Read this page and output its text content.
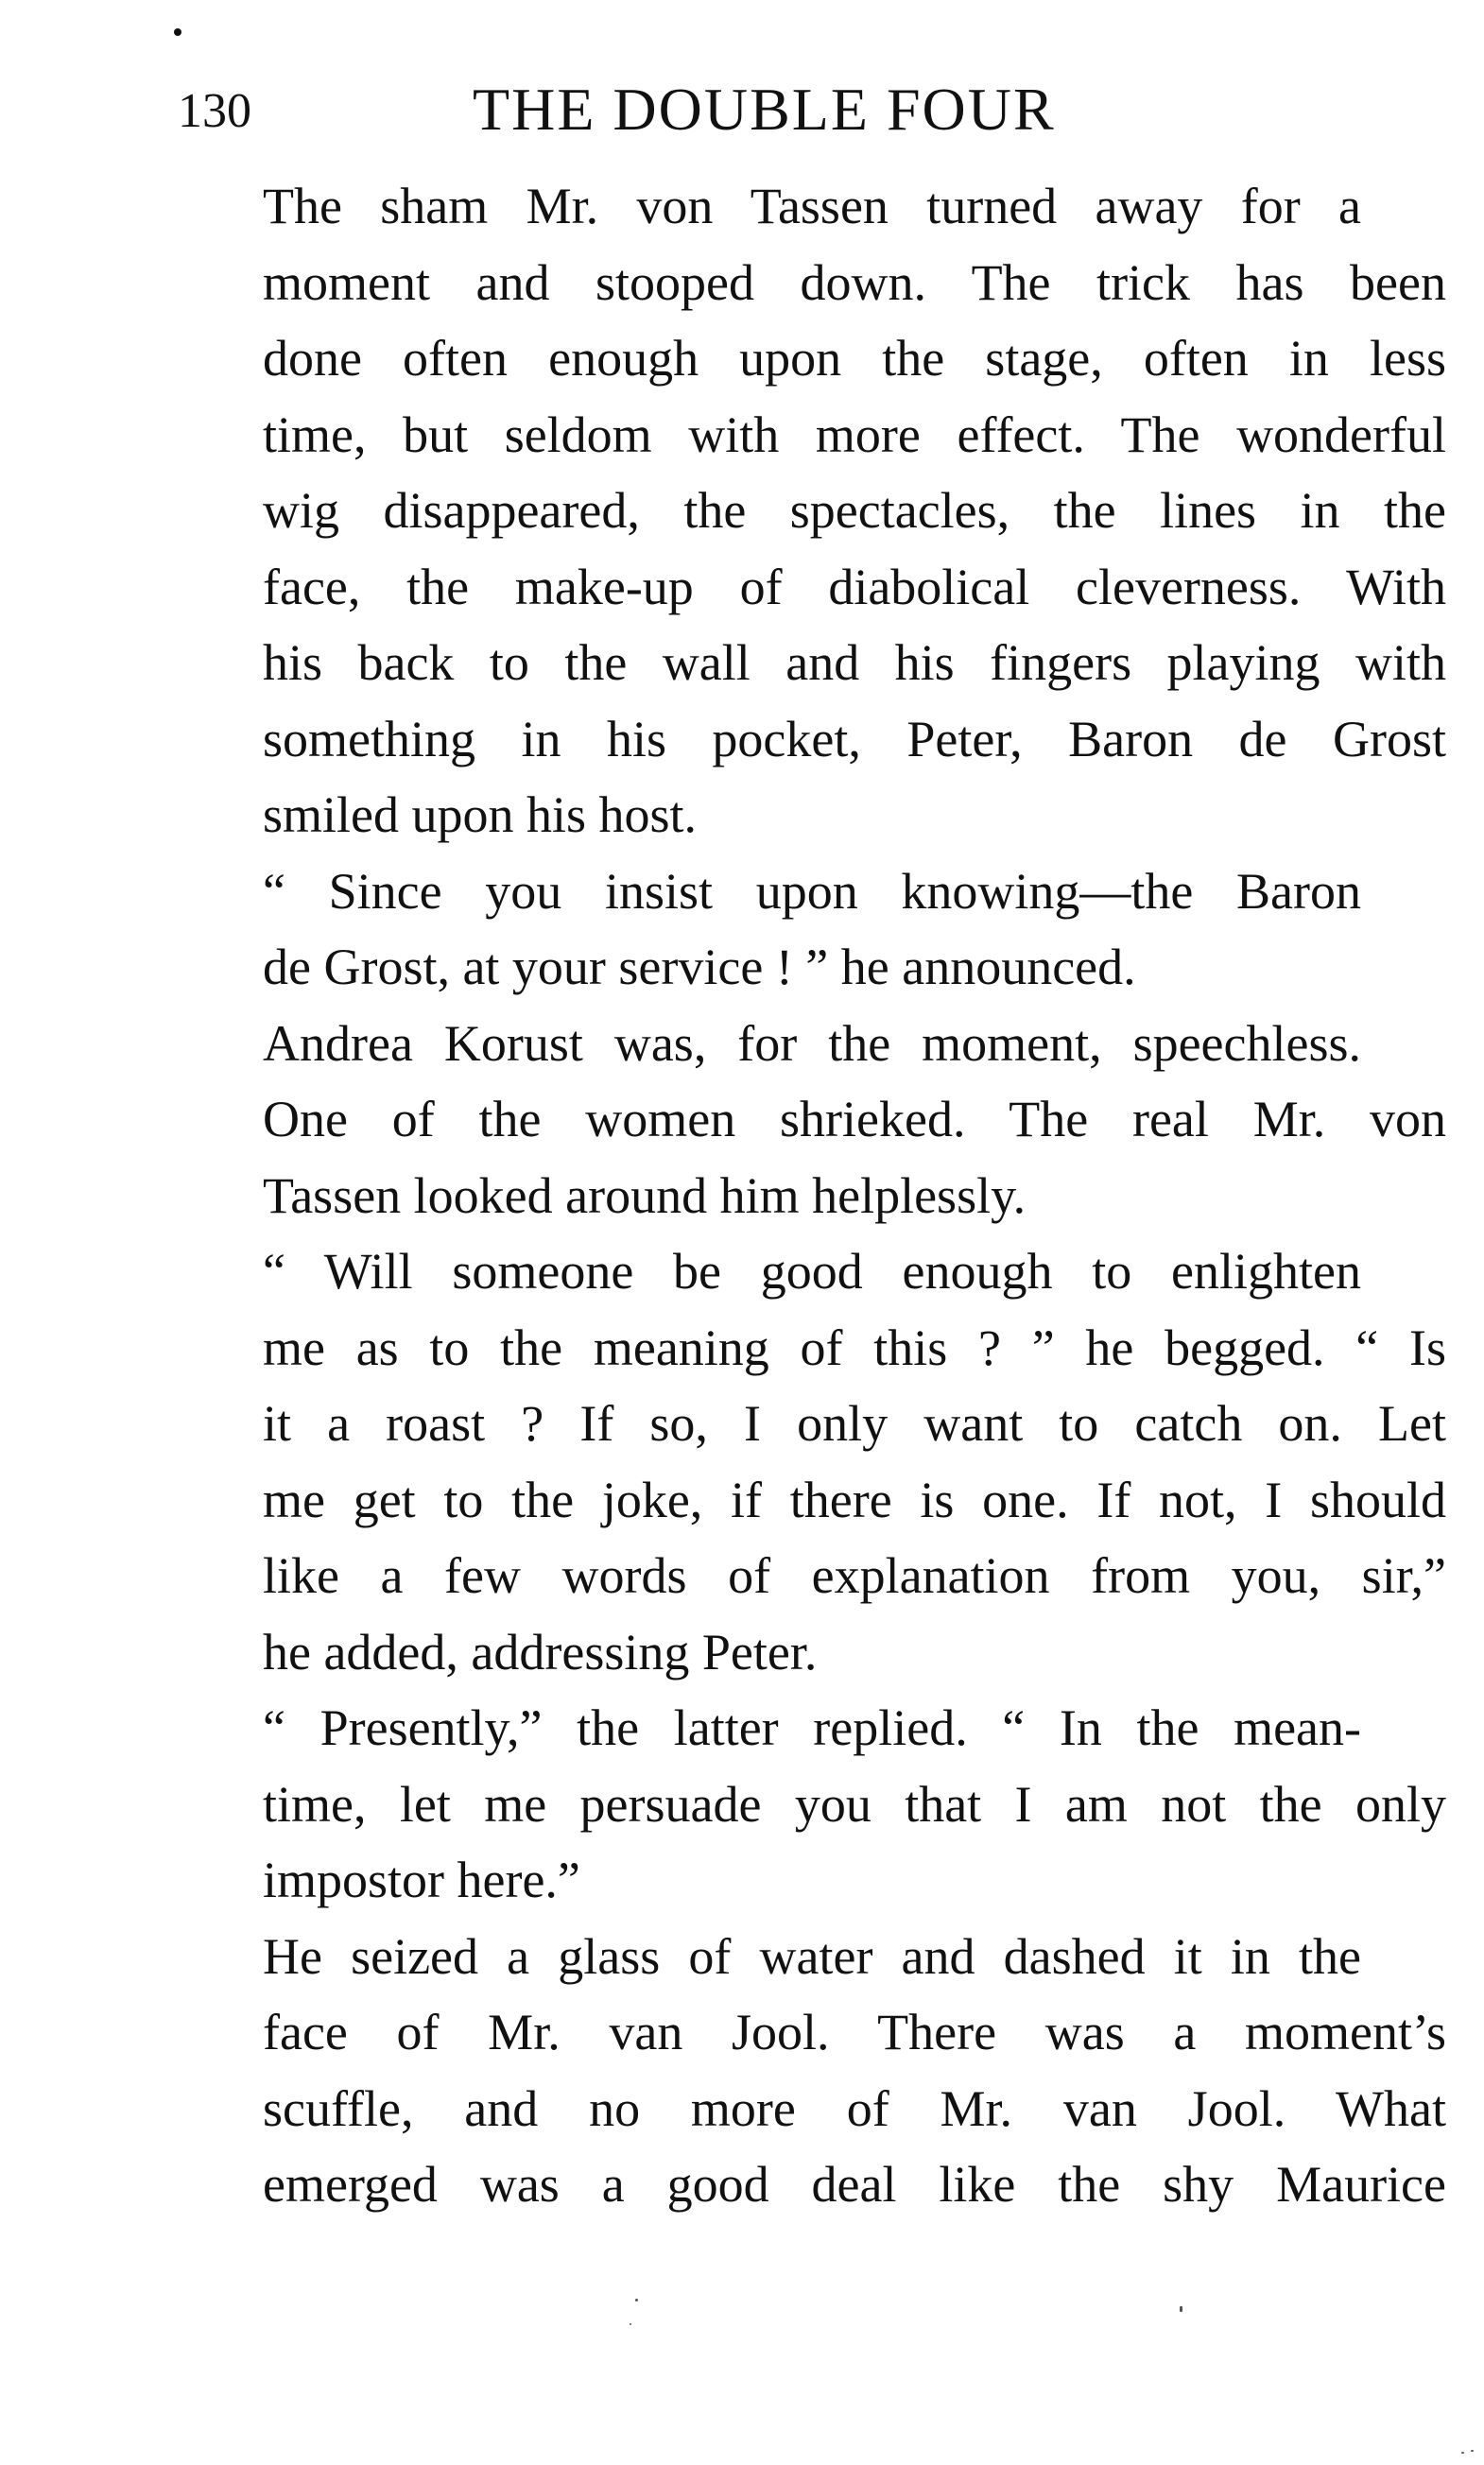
130	THE DOUBLE FOUR

The sham Mr. von Tassen turned away for a
moment and stooped down. The trick has been
done often enough upon the stage, often in less
time, but seldom with more effect. The wonderful
wig disappeared, the spectacles, the lines in the
face, the make-up of diabolical cleverness. With
his back to the wall and his fingers playing with
something in his pocket, Peter, Baron de Grost
smiled upon his host.

“ Since you insist upon knowing—the Baron
de Grost, at your service ! ” he announced.

Andrea Korust was, for the moment, speechless.
One of the women shrieked. The real Mr. von
Tassen looked around him helplessly.

“ Will someone be good enough to enlighten
me as to the meaning of this ? ” he begged. “ Is
it a roast ? If so, I only want to catch on. Let
me get to the joke, if there is one. If not, I should
like a few words of explanation from you, sir,”
he added, addressing Peter.

“ Presently,” the latter replied. “ In the mean-
time, let me persuade you that I am not the only
impostor here.”

He seized a glass of water and dashed it in the
face of Mr. van Jool. There was a moment’s
scuffle, and no more of Mr. van Jool. What
emerged was a good deal like the shy Maurice
